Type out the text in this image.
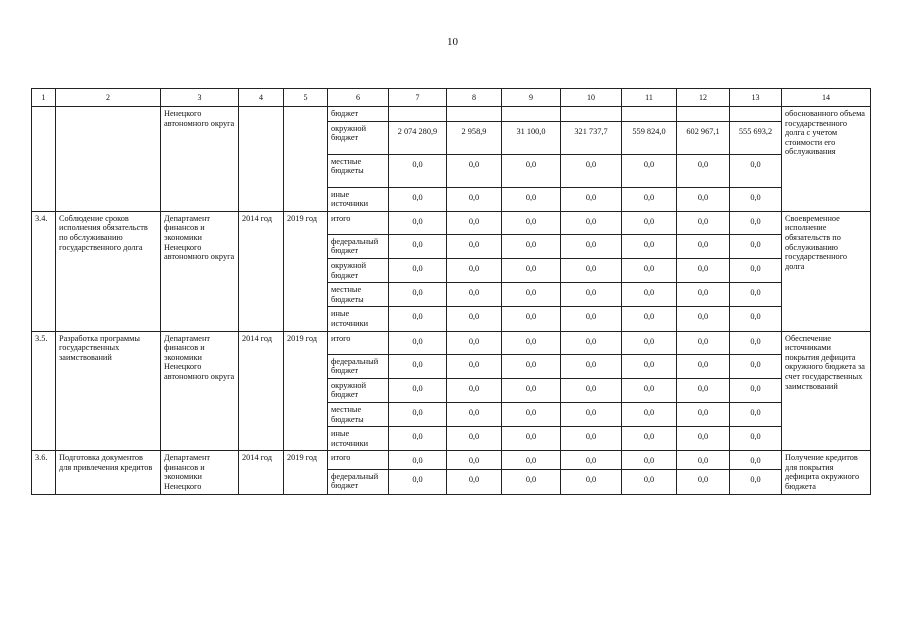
10
1	2	3	4	5	6	7	8	9	10	11	12	13	14
		Ненецкого автономного округа			бюджет								обоснованного объема государственного долга с учетом стоимости его обслуживания
					окружной бюджет	2 074 280,9	2 958,9	31 100,0	321 737,7	559 824,0	602 967,1	555 693,2	

					местные бюджеты	0,0	0,0	0,0	0,0	0,0	0,0	0,0	

					иные источники	0,0	0,0	0,0	0,0	0,0	0,0	0,0	

3.4.	Соблюдение сроков исполнения обязательств по обслуживанию государственного долга	Департамент финансов и экономики Ненецкого автономного округа	2014 год	2019 год	итого	0,0	0,0	0,0	0,0	0,0	0,0	0,0	Своевременное исполнение обязательств по обслуживанию государственного долга
					федеральный бюджет	0,0	0,0	0,0	0,0	0,0	0,0	0,0	

					окружной бюджет	0,0	0,0	0,0	0,0	0,0	0,0	0,0	

					местные бюджеты	0,0	0,0	0,0	0,0	0,0	0,0	0,0	

					иные источники	0,0	0,0	0,0	0,0	0,0	0,0	0,0	

3.5.	Разработка программы государственных заимствований	Департамент финансов и экономики Ненецкого автономного округа	2014 год	2019 год	итого	0,0	0,0	0,0	0,0	0,0	0,0	0,0	Обеспечение источниками покрытия дефицита окружного бюджета за счет государственных заимствований
					федеральный бюджет	0,0	0,0	0,0	0,0	0,0	0,0	0,0	

					окружной бюджет	0,0	0,0	0,0	0,0	0,0	0,0	0,0	

					местные бюджеты	0,0	0,0	0,0	0,0	0,0	0,0	0,0	

					иные источники	0,0	0,0	0,0	0,0	0,0	0,0	0,0	

3.6.	Подготовка документов для привлечения кредитов	Департамент финансов и экономики Ненецкого	2014 год	2019 год	итого	0,0	0,0	0,0	0,0	0,0	0,0	0,0	Получение кредитов для покрытия дефицита окружного бюджета
					федеральный бюджет	0,0	0,0	0,0	0,0	0,0	0,0	0,0	
